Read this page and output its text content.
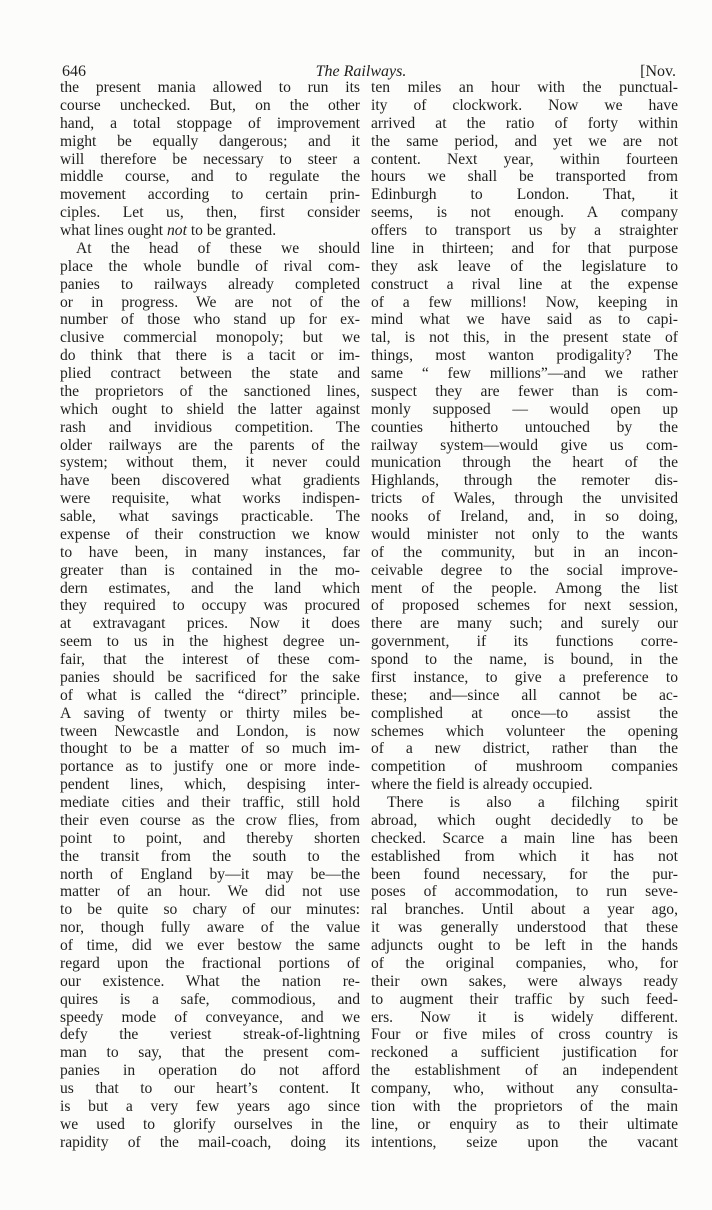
646	The Railways.	[Nov.
the present mania allowed to run its
course unchecked. But, on the other
hand, a total stoppage of improvement
might be equally dangerous; and it
will therefore be necessary to steer a
middle course, and to regulate the
movement according to certain prin-
ciples. Let us, then, first consider
what lines ought not to be granted.
At the head of these we should
place the whole bundle of rival com-
panies to railways already completed
or in progress. We are not of the
number of those who stand up for ex-
clusive commercial monopoly; but we
do think that there is a tacit or im-
plied contract between the state and
the proprietors of the sanctioned lines,
which ought to shield the latter against
rash and invidious competition. The
older railways are the parents of the
system; without them, it never could
have been discovered what gradients
were requisite, what works indispen-
sable, what savings practicable. The
expense of their construction we know
to have been, in many instances, far
greater than is contained in the mo-
dern estimates, and the land which
they required to occupy was procured
at extravagant prices. Now it does
seem to us in the highest degree un-
fair, that the interest of these com-
panies should be sacrificed for the sake
of what is called the “direct” principle.
A saving of twenty or thirty miles be-
tween Newcastle and London, is now
thought to be a matter of so much im-
portance as to justify one or more inde-
pendent lines, which, despising inter-
mediate cities and their traffic, still hold
their even course as the crow flies, from
point to point, and thereby shorten
the transit from the south to the
north of England by—it may be—the
matter of an hour. We did not use
to be quite so chary of our minutes:
nor, though fully aware of the value
of time, did we ever bestow the same
regard upon the fractional portions of
our existence. What the nation re-
quires is a safe, commodious, and
speedy mode of conveyance, and we
defy the veriest streak-of-lightning
man to say, that the present com-
panies in operation do not afford
us that to our heart’s content. It
is but a very few years ago since
we used to glorify ourselves in the
rapidity of the mail-coach, doing its
ten miles an hour with the punctual-
ity of clockwork. Now we have
arrived at the ratio of forty within
the same period, and yet we are not
content. Next year, within fourteen
hours we shall be transported from
Edinburgh to London. That, it
seems, is not enough. A company
offers to transport us by a straighter
line in thirteen; and for that purpose
they ask leave of the legislature to
construct a rival line at the expense
of a few millions! Now, keeping in
mind what we have said as to capi-
tal, is not this, in the present state of
things, most wanton prodigality? The
same “ few millions”—and we rather
suspect they are fewer than is com-
monly supposed — would open up
counties hitherto untouched by the
railway system—would give us com-
munication through the heart of the
Highlands, through the remoter dis-
tricts of Wales, through the unvisited
nooks of Ireland, and, in so doing,
would minister not only to the wants
of the community, but in an incon-
ceivable degree to the social improve-
ment of the people. Among the list
of proposed schemes for next session,
there are many such; and surely our
government, if its functions corre-
spond to the name, is bound, in the
first instance, to give a preference to
these; and—since all cannot be ac-
complished at once—to assist the
schemes which volunteer the opening
of a new district, rather than the
competition of mushroom companies
where the field is already occupied.
There is also a filching spirit
abroad, which ought decidedly to be
checked. Scarce a main line has been
established from which it has not
been found necessary, for the pur-
poses of accommodation, to run seve-
ral branches. Until about a year ago,
it was generally understood that these
adjuncts ought to be left in the hands
of the original companies, who, for
their own sakes, were always ready
to augment their traffic by such feed-
ers. Now it is widely different.
Four or five miles of cross country is
reckoned a sufficient justification for
the establishment of an independent
company, who, without any consulta-
tion with the proprietors of the main
line, or enquiry as to their ultimate
intentions, seize upon the vacant
